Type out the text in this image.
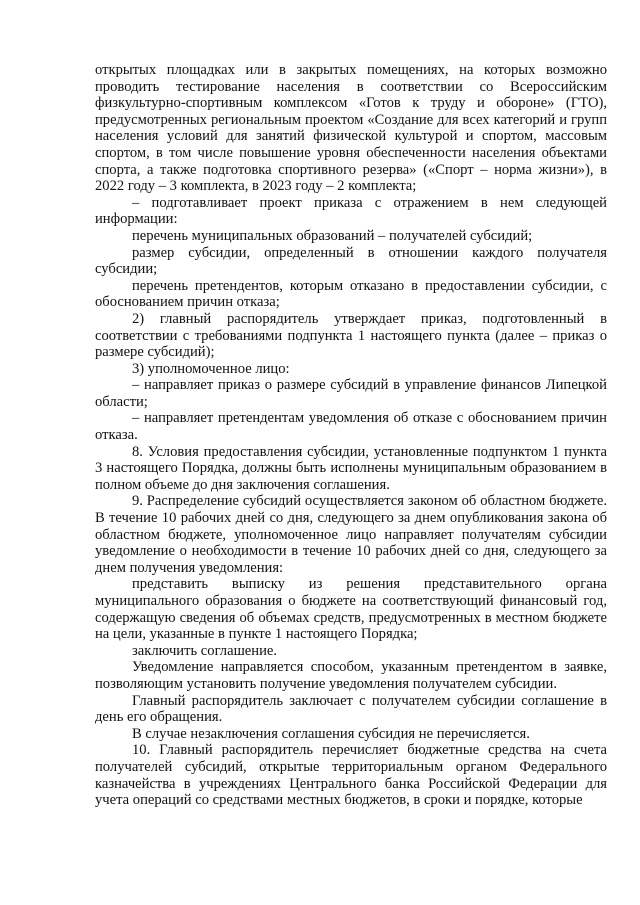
открытых площадках или в закрытых помещениях, на которых возможно проводить тестирование населения в соответствии со Всероссийским физкультурно-спортивным комплексом «Готов к труду и обороне» (ГТО), предусмотренных региональным проектом «Создание для всех категорий и групп населения условий для занятий физической культурой и спортом, массовым спортом, в том числе повышение уровня обеспеченности населения объектами спорта, а также подготовка спортивного резерва» («Спорт – норма жизни»), в 2022 году – 3 комплекта, в 2023 году – 2 комплекта;

– подготавливает проект приказа с отражением в нем следующей информации:

перечень муниципальных образований – получателей субсидий;

размер субсидии, определенный в отношении каждого получателя субсидии;

перечень претендентов, которым отказано в предоставлении субсидии, с обоснованием причин отказа;

2) главный распорядитель утверждает приказ, подготовленный в соответствии с требованиями подпункта 1 настоящего пункта (далее – приказ о размере субсидий);

3) уполномоченное лицо:

– направляет приказ о размере субсидий в управление финансов Липецкой области;

– направляет претендентам уведомления об отказе с обоснованием причин отказа.

8. Условия предоставления субсидии, установленные подпунктом 1 пункта 3 настоящего Порядка, должны быть исполнены муниципальным образованием в полном объеме до дня заключения соглашения.

9. Распределение субсидий осуществляется законом об областном бюджете. В течение 10 рабочих дней со дня, следующего за днем опубликования закона об областном бюджете, уполномоченное лицо направляет получателям субсидии уведомление о необходимости в течение 10 рабочих дней со дня, следующего за днем получения уведомления:

представить выписку из решения представительного органа муниципального образования о бюджете на соответствующий финансовый год, содержащую сведения об объемах средств, предусмотренных в местном бюджете на цели, указанные в пункте 1 настоящего Порядка;

заключить соглашение.

Уведомление направляется способом, указанным претендентом в заявке, позволяющим установить получение уведомления получателем субсидии.

Главный распорядитель заключает с получателем субсидии соглашение в день его обращения.

В случае незаключения соглашения субсидия не перечисляется.

10. Главный распорядитель перечисляет бюджетные средства на счета получателей субсидий, открытые территориальным органом Федерального казначейства в учреждениях Центрального банка Российской Федерации для учета операций со средствами местных бюджетов, в сроки и порядке, которые
